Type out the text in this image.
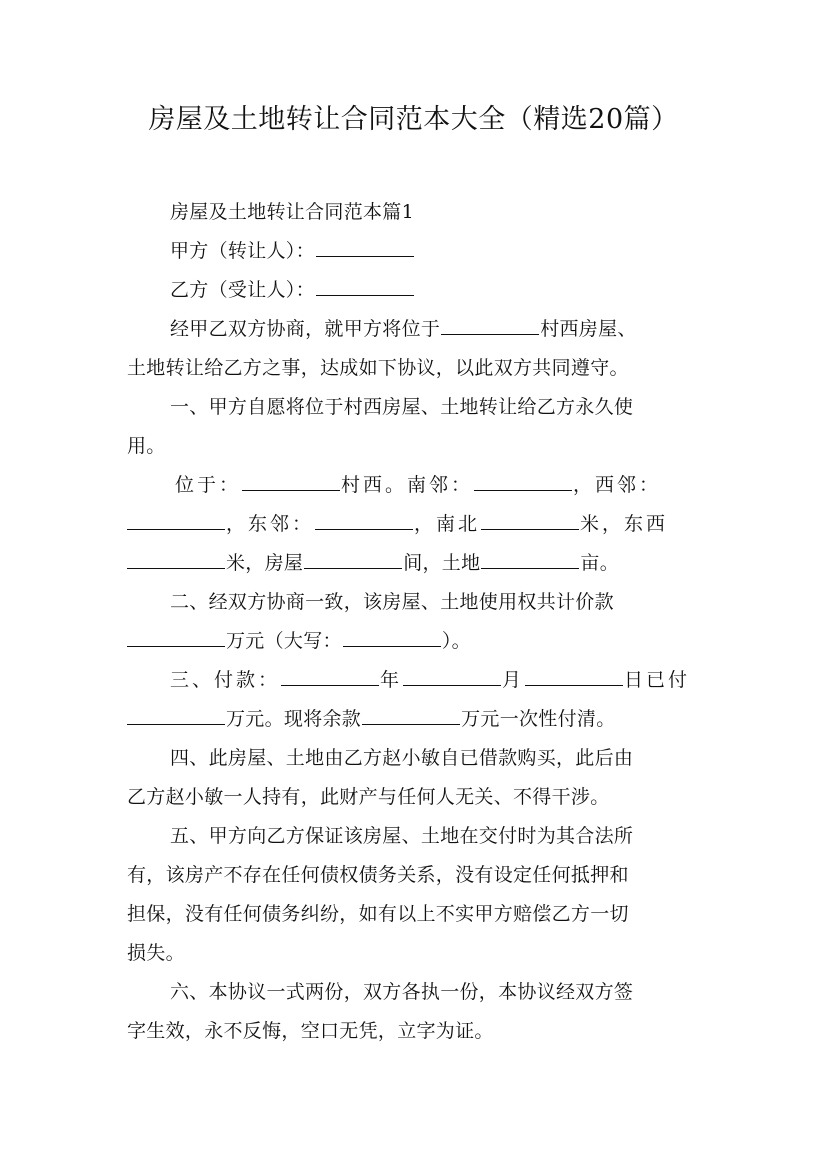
房屋及土地转让合同范本大全（精选20篇）
房屋及土地转让合同范本篇1
甲方（转让人）：
乙方（受让人）：
经甲乙双方协商，就甲方将位于	村西房屋、
土地转让给乙方之事，达成如下协议，以此双方共同遵守。
一、甲方自愿将位于村西房屋、土地转让给乙方永久使
用。
位于：	村西。南邻：	，西邻：
，东邻：	，南北	米，东西
米，房屋	间，土地	亩。
二、经双方协商一致，该房屋、土地使用权共计价款
万元（大写：	）。
三、付款：	年	月	日已付
万元。现将余款	万元一次性付清。
四、此房屋、土地由乙方赵小敏自已借款购买，此后由
乙方赵小敏一人持有，此财产与任何人无关、不得干涉。
五、甲方向乙方保证该房屋、土地在交付时为其合法所
有，该房产不存在任何债权债务关系，没有设定任何抵押和
担保，没有任何债务纠纷，如有以上不实甲方赔偿乙方一切
损失。
六、本协议一式两份，双方各执一份，本协议经双方签
字生效，永不反悔，空口无凭，立字为证。
